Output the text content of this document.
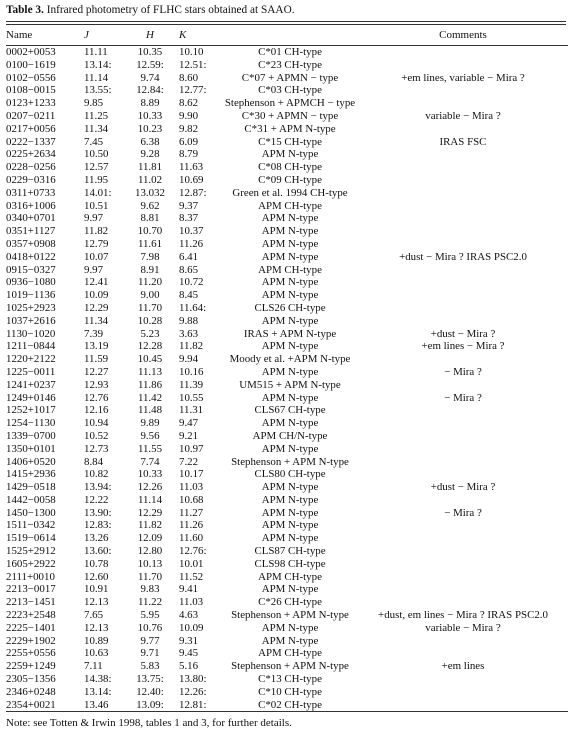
Table 3. Infrared photometry of FLHC stars obtained at SAAO.
Name	J	H	K		Comments
0002+0053	11.11	10.35	10.10	C*01 CH-type	
0100−1619	13.14:	12.59:	12.51:	C*23 CH-type	
0102−0556	11.14	9.74	8.60	C*07 + APMN − type	+em lines, variable − Mira ?
0108−0015	13.55:	12.84:	12.77:	C*03 CH-type	
0123+1233	9.85	8.89	8.62	Stephenson + APMCH − type	
0207−0211	11.25	10.33	9.90	C*30 + APMN − type	variable − Mira ?
0217+0056	11.34	10.23	9.82	C*31 + APM N-type	
0222−1337	7.45	6.38	6.09	C*15 CH-type	IRAS FSC
0225+2634	10.50	9.28	8.79	APM N-type	
0228−0256	12.57	11.81	11.63	C*08 CH-type	
0229−0316	11.95	11.02	10.69	C*09 CH-type	
0311+0733	14.01:	13.032	12.87:	Green et al. 1994 CH-type	
0316+1006	10.51	9.62	9.37	APM CH-type	
0340+0701	9.97	8.81	8.37	APM N-type	
0351+1127	11.82	10.70	10.37	APM N-type	
0357+0908	12.79	11.61	11.26	APM N-type	
0418+0122	10.07	7.98	6.41	APM N-type	+dust − Mira ? IRAS PSC2.0
0915−0327	9.97	8.91	8.65	APM CH-type	
0936−1080	12.41	11.20	10.72	APM N-type	
1019−1136	10.09	9.00	8.45	APM N-type	
1025+2923	12.29	11.70	11.64:	CLS26 CH-type	
1037+2616	11.34	10.28	9.88	APM N-type	
1130−1020	7.39	5.23	3.63	IRAS + APM N-type	+dust − Mira ?
1211−0844	13.19	12.28	11.82	APM N-type	+em lines − Mira ?
1220+2122	11.59	10.45	9.94	Moody et al. +APM N-type	
1225−0011	12.27	11.13	10.16	APM N-type	− Mira ?
1241+0237	12.93	11.86	11.39	UM515 + APM N-type	
1249+0146	12.76	11.42	10.55	APM N-type	− Mira ?
1252+1017	12.16	11.48	11.31	CLS67 CH-type	
1254−1130	10.94	9.89	9.47	APM N-type	
1339−0700	10.52	9.56	9.21	APM CH/N-type	
1350+0101	12.73	11.55	10.97	APM N-type	
1406+0520	8.84	7.74	7.22	Stephenson + APM N-type	
1415+2936	10.82	10.33	10.17	CLS80 CH-type	
1429−0518	13.94:	12.26	11.03	APM N-type	+dust − Mira ?
1442−0058	12.22	11.14	10.68	APM N-type	
1450−1300	13.90:	12.29	11.27	APM N-type	− Mira ?
1511−0342	12.83:	11.82	11.26	APM N-type	
1519−0614	13.26	12.09	11.60	APM N-type	
1525+2912	13.60:	12.80	12.76:	CLS87 CH-type	
1605+2922	10.78	10.13	10.01	CLS98 CH-type	
2111+0010	12.60	11.70	11.52	APM CH-type	
2213−0017	10.91	9.83	9.41	APM N-type	
2213−1451	12.13	11.22	11.03	C*26 CH-type	
2223+2548	7.65	5.95	4.63	Stephenson + APM N-type	+dust, em lines − Mira ? IRAS PSC2.0
2225−1401	12.13	10.76	10.09	APM N-type	variable − Mira ?
2229+1902	10.89	9.77	9.31	APM N-type	
2255+0556	10.63	9.71	9.45	APM CH-type	
2259+1249	7.11	5.83	5.16	Stephenson + APM N-type	+em lines
2305−1356	14.38:	13.75:	13.80:	C*13 CH-type	
2346+0248	13.14:	12.40:	12.26:	C*10 CH-type	
2354+0021	13.46	13.09:	12.81:	C*02 CH-type	
Note: see Totten & Irwin 1998, tables 1 and 3, for further details.
